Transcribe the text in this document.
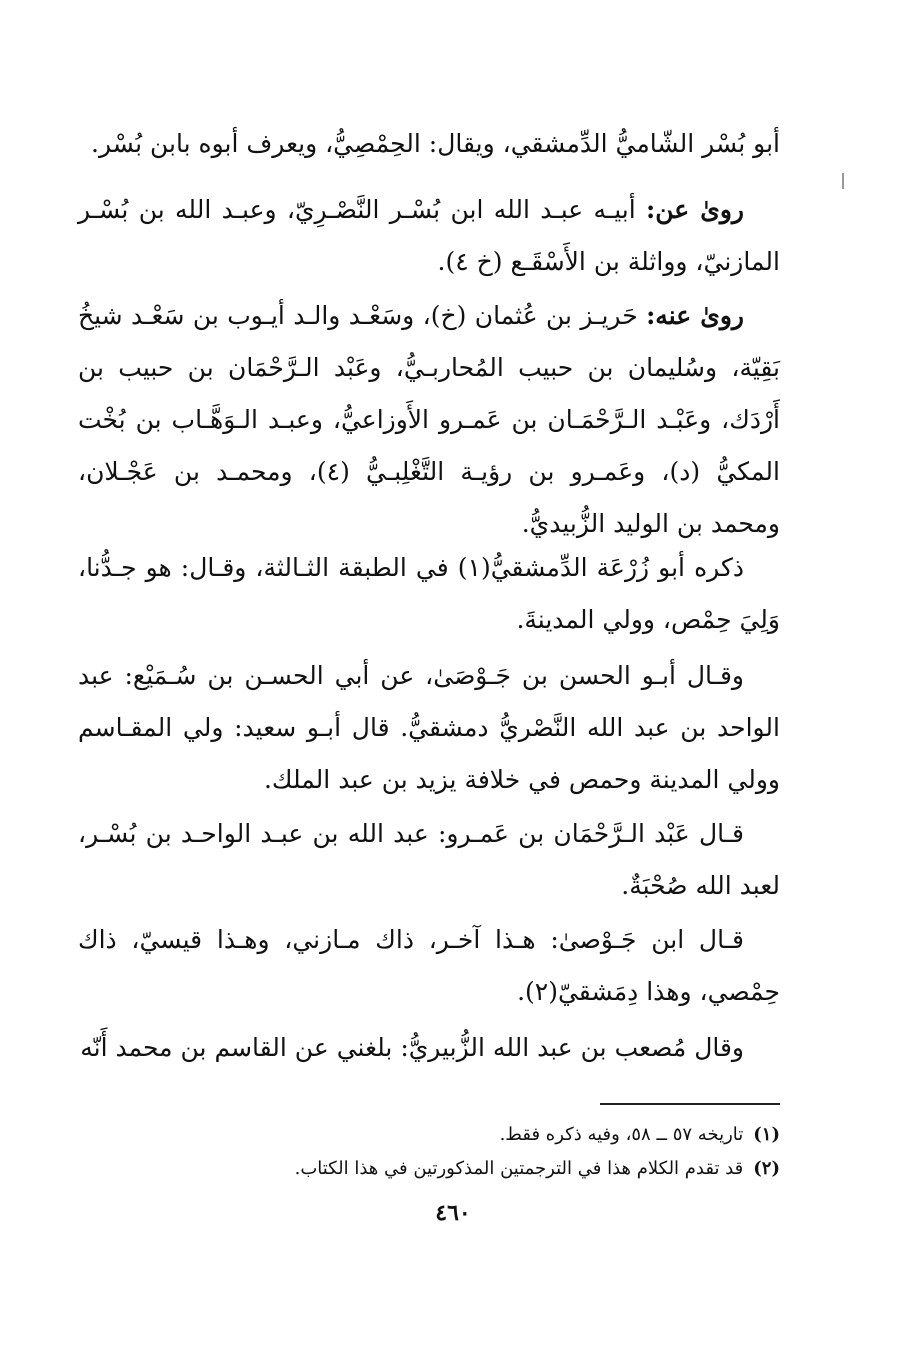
أبو بُسْر الشّاميُّ الدِّمشقي، ويقال: الحِمْصِيُّ، ويعرف أبوه بابن بُسْر.

روىٰ عن: أبيـه عبـد الله ابن بُسْـر النَّصْـرِيّ، وعبـد الله بن بُسْـر المازنيّ، وواثلة بن الأَسْقَـع (خ ٤).

روىٰ عنه: حَريـز بن عُثمان (خ)، وسَعْـد والـد أيـوب بن سَعْـد شيخُ بَقِيّة، وسُليمان بن حبيب المُحاربـيُّ، وعَبْد الـرَّحْمَان بن حبيب بن أَرْدَك، وعَبْـد الـرَّحْمَـان بن عَمـرو الأَوزاعيُّ، وعبـد الـوَهَّـاب بن بُخْت المكيُّ (د)، وعَمـرو بن رؤيـة التَّغْلِبـيُّ (٤)، ومحمـد بن عَجْـلان، ومحمد بن الوليد الزُّبيديُّ.

ذكره أبو زُرْعَة الدِّمشقيُّ(١) في الطبقة الثـالثة، وقـال: هو جـدُّنا، وَلِيَ حِمْص، وولي المدينةَ.

وقـال أبـو الحسن بن جَـوْصَىٰ، عن أبي الحسـن بن سُـمَيْع: عبد الواحد بن عبد الله النَّصْريُّ دمشقيُّ. قال أبـو سعيد: ولي المقـاسم وولي المدينة وحمص في خلافة يزيد بن عبد الملك.

قـال عَبْد الـرَّحْمَان بن عَمـرو: عبد الله بن عبـد الواحـد بن بُسْـر، لعبد الله صُحْبَةٌ.

قـال ابن جَـوْصىٰ: هـذا آخـر، ذاك مـازني، وهـذا قيسيّ، ذاك حِمْصي، وهذا دِمَشقيّ(٢).

وقال مُصعب بن عبد الله الزُّبيريُّ: بلغني عن القاسم بن محمد أَنّه

(١)تاريخه ٥٧ ــ ٥٨، وفيه ذكره فقط.
(٢)قد تقدم الكلام هذا في الترجمتين المذكورتين في هذا الكتاب.
٤٦٠
